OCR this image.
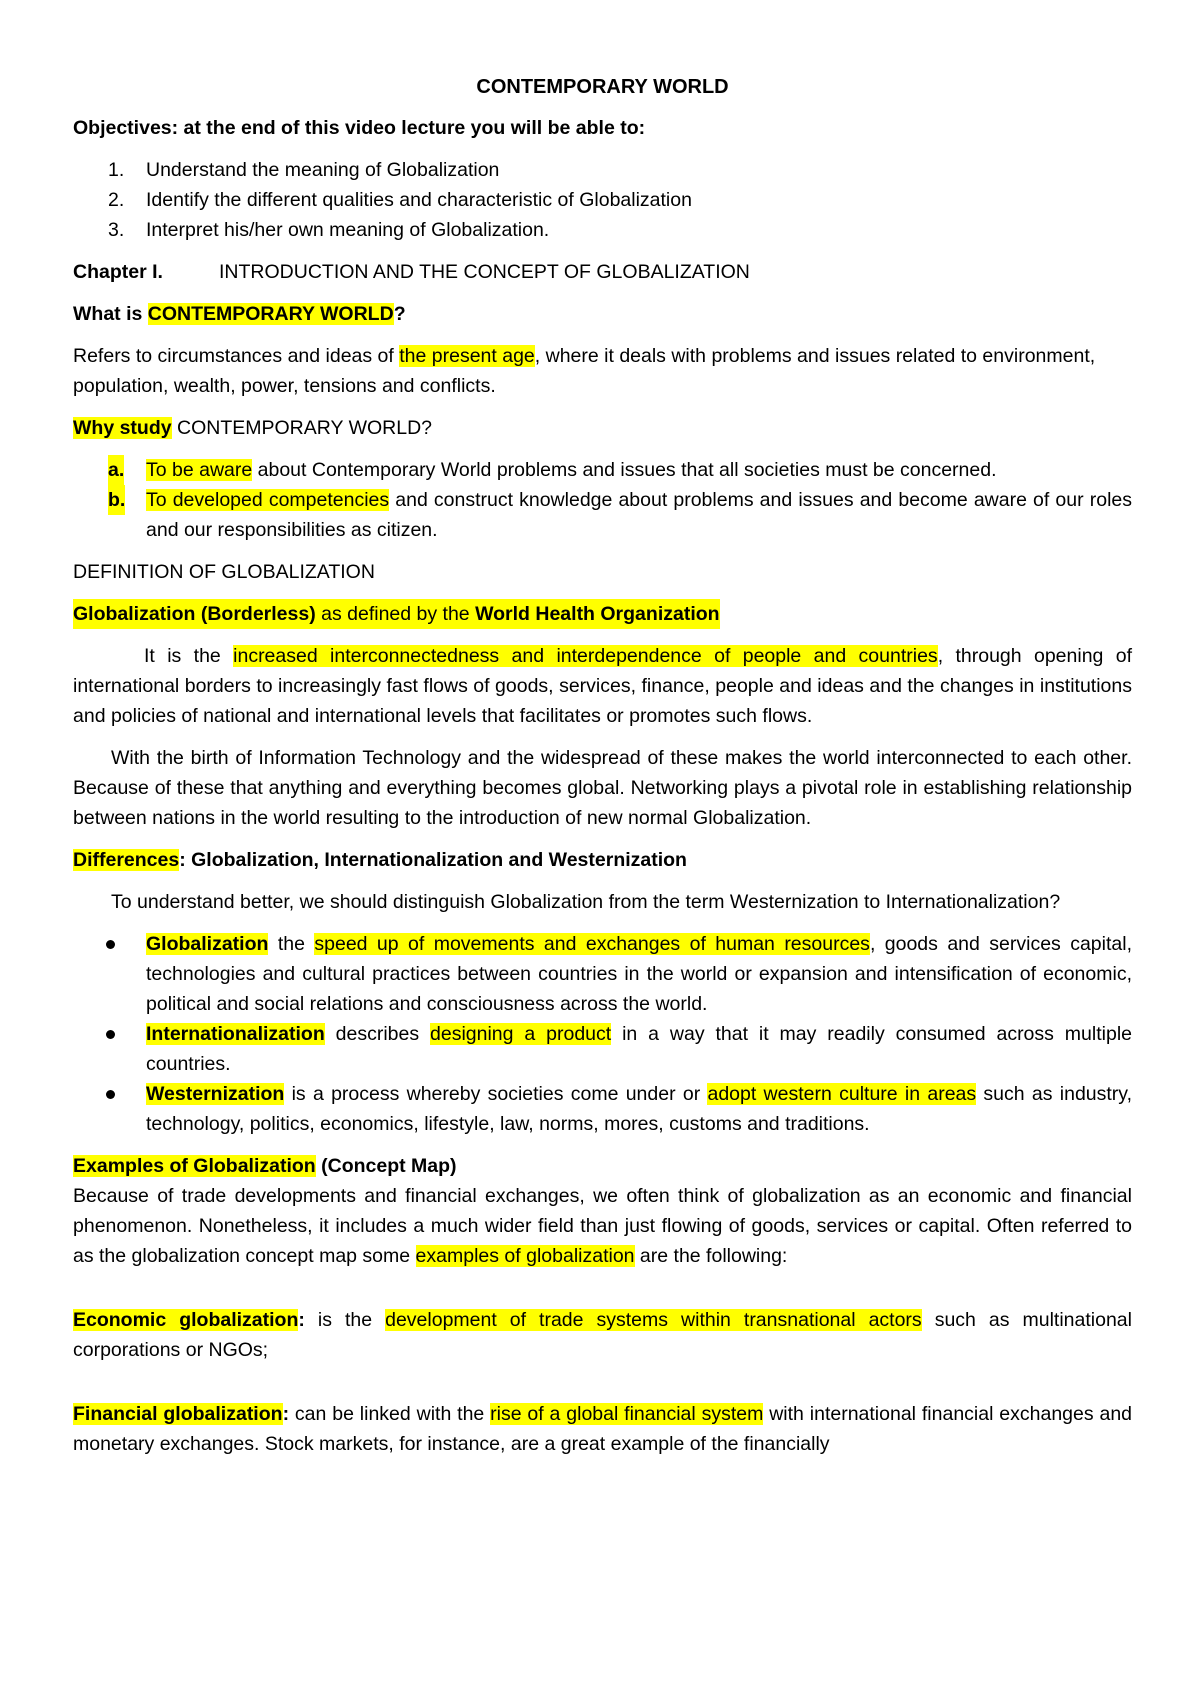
CONTEMPORARY WORLD

Objectives: at the end of this video lecture you will be able to:

1. Understand the meaning of Globalization
2. Identify the different qualities and characteristic of Globalization
3. Interpret his/her own meaning of Globalization.

Chapter I.	INTRODUCTION AND THE CONCEPT OF GLOBALIZATION

What is CONTEMPORARY WORLD?

Refers to circumstances and ideas of the present age, where it deals with problems and issues related to environment, population, wealth, power, tensions and conflicts.

Why study CONTEMPORARY WORLD?

a. To be aware about Contemporary World problems and issues that all societies must be concerned.
b. To developed competencies and construct knowledge about problems and issues and become aware of our roles and our responsibilities as citizen.

DEFINITION OF GLOBALIZATION

Globalization (Borderless) as defined by the World Health Organization

It is the increased interconnectedness and interdependence of people and countries, through opening of international borders to increasingly fast flows of goods, services, finance, people and ideas and the changes in institutions and policies of national and international levels that facilitates or promotes such flows.

With the birth of Information Technology and the widespread of these makes the world interconnected to each other. Because of these that anything and everything becomes global. Networking plays a pivotal role in establishing relationship between nations in the world resulting to the introduction of new normal Globalization.

Differences: Globalization, Internationalization and Westernization

To understand better, we should distinguish Globalization from the term Westernization to Internationalization?

Globalization the speed up of movements and exchanges of human resources, goods and services capital, technologies and cultural practices between countries in the world or expansion and intensification of economic, political and social relations and consciousness across the world.
Internationalization describes designing a product in a way that it may readily consumed across multiple countries.
Westernization is a process whereby societies come under or adopt western culture in areas such as industry, technology, politics, economics, lifestyle, law, norms, mores, customs and traditions.

Examples of Globalization (Concept Map)

Because of trade developments and financial exchanges, we often think of globalization as an economic and financial phenomenon. Nonetheless, it includes a much wider field than just flowing of goods, services or capital. Often referred to as the globalization concept map some examples of globalization are the following:

Economic globalization: is the development of trade systems within transnational actors such as multinational corporations or NGOs;

Financial globalization: can be linked with the rise of a global financial system with international financial exchanges and monetary exchanges. Stock markets, for instance, are a great example of the financially
